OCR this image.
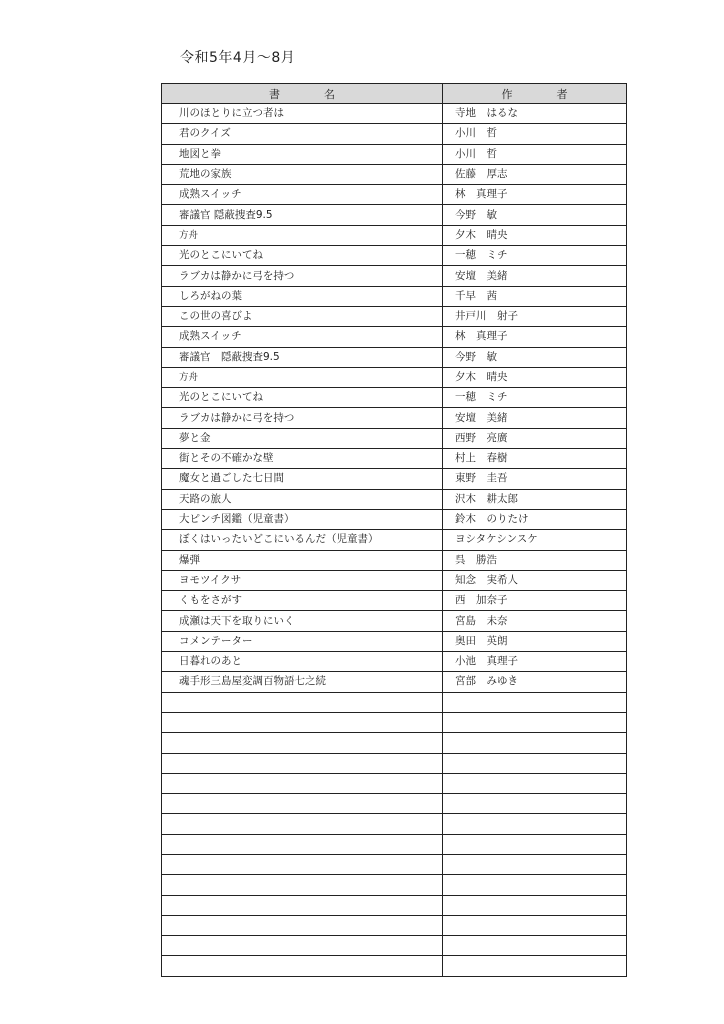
令和5年4月～8月
書　　　　名	作　　　　者
川のほとりに立つ者は	寺地　はるな
君のクイズ	小川　哲
地図と拳	小川　哲
荒地の家族	佐藤　厚志
成熟スイッチ	林　真理子
審議官 隠蔽捜査9.5	今野　敏
方舟	夕木　晴央
光のとこにいてね	一穂　ミチ
ラブカは静かに弓を持つ	安壇　美緒
しろがねの葉	千早　茜
この世の喜びよ	井戸川　射子
成熟スイッチ	林　真理子
審議官　隠蔽捜査9.5	今野　敏
方舟	夕木　晴央
光のとこにいてね	一穂　ミチ
ラブカは静かに弓を持つ	安壇　美緒
夢と金	西野　亮廣
街とその不確かな壁	村上　春樹
魔女と過ごした七日間	東野　圭吾
天路の旅人	沢木　耕太郎
大ピンチ図鑑（児童書）	鈴木　のりたけ
ぼくはいったいどこにいるんだ（児童書）	ヨシタケシンスケ
爆弾	呉　勝浩
ヨモツイクサ	知念　実希人
くもをさがす	西　加奈子
成瀬は天下を取りにいく	宮島　未奈
コメンテーター	奥田　英朗
日暮れのあと	小池　真理子
魂手形三島屋変調百物語七之続	宮部　みゆき
